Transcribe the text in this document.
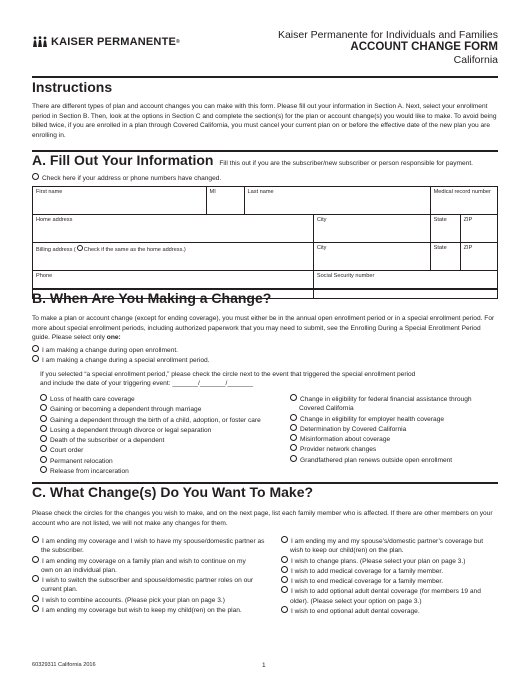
KAISER PERMANENTE ®
Kaiser Permanente for Individuals and Families
ACCOUNT CHANGE FORM
California
Instructions
There are different types of plan and account changes you can make with this form. Please fill out your information in Section A. Next, select your enrollment period in Section B. Then, look at the options in Section C and complete the section(s) for the plan or account change(s) you would like to make. To avoid being billed twice, if you are enrolled in a plan through Covered California, you must cancel your current plan on or before the effective date of the new plan you are enrolling in.
A. Fill Out Your Information Fill this out if you are the subscriber/new subscriber or person responsible for payment.
Check here if your address or phone numbers have changed.
First name	MI	Last name		Medical record number	
Home address			City	State	ZIP
Billing address ( Check if the same as the home address.)			City	State	ZIP
Phone			Social Security number		
B. When Are You Making a Change?
To make a plan or account change (except for ending coverage), you must either be in the annual open enrollment period or in a special enrollment period. For more about special enrollment periods, including authorized paperwork that you may need to submit, see the Enrolling During a Special Enrollment Period guide. Please select only one:
I am making a change during open enrollment.
I am making a change during a special enrollment period.
If you selected “a special enrollment period,” please check the circle next to the event that triggered the special enrollment period
and include the date of your triggering event: _______/_______/_______
Loss of health care coverage
Gaining or becoming a dependent through marriage
Gaining a dependent through the birth of a child, adoption, or foster care
Losing a dependent through divorce or legal separation
Death of the subscriber or a dependent
Court order
Permanent relocation
Release from incarceration
Change in eligibility for federal financial assistance through
Covered California
Change in eligibility for employer health coverage
Determination by Covered California
Misinformation about coverage
Provider network changes
Grandfathered plan renews outside open enrollment
C. What Change(s) Do You Want To Make?
Please check the circles for the changes you wish to make, and on the next page, list each family member who is affected. If there are other members on your account who are not listed, we will not make any changes for them.
I am ending my coverage and I wish to have my spouse/domestic partner as
the subscriber.
I am ending my coverage on a family plan and wish to continue on my
own on an individual plan.
I wish to switch the subscriber and spouse/domestic partner roles on our
current plan.
I wish to combine accounts. (Please pick your plan on page 3.)
I am ending my coverage but wish to keep my child(ren) on the plan.
I am ending my and my spouse’s/domestic partner’s coverage but
wish to keep our child(ren) on the plan.
I wish to change plans. (Please select your plan on page 3.)
I wish to add medical coverage for a family member.
I wish to end medical coverage for a family member.
I wish to add optional adult dental coverage (for members 19 and
older). (Please select your option on page 3.)
I wish to end optional adult dental coverage.
60329311 California 2016	1
